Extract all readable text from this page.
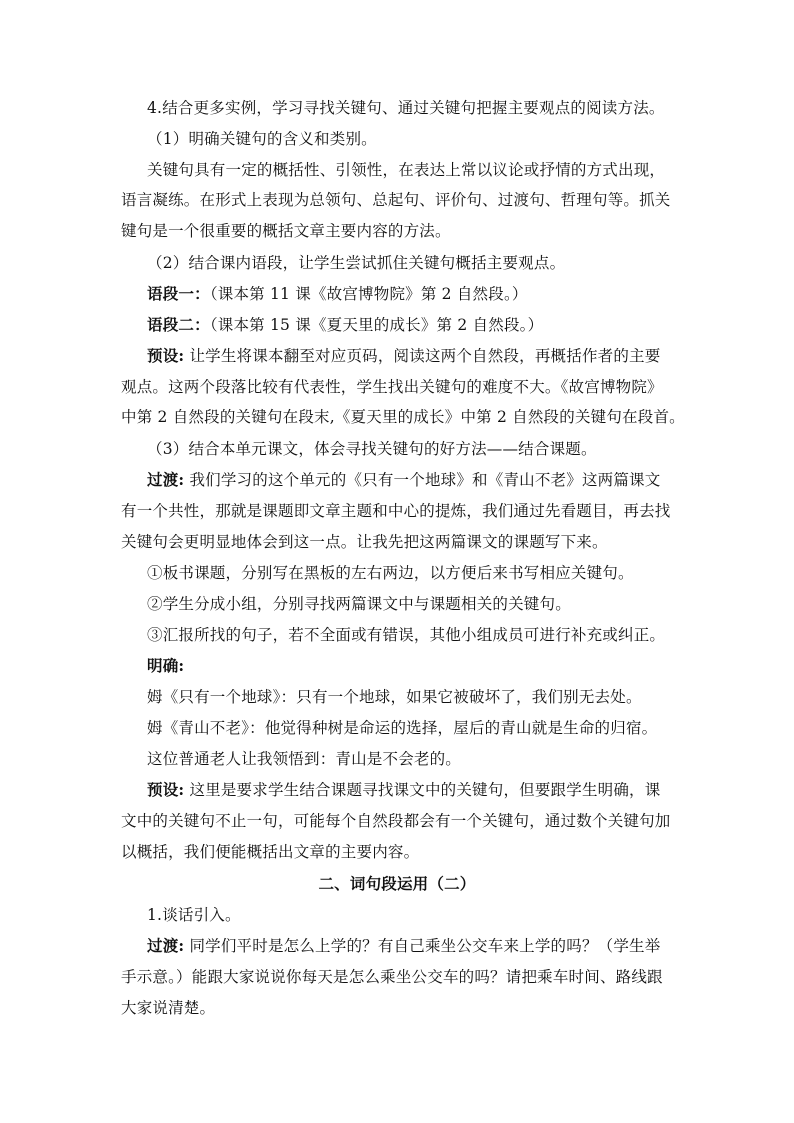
4.结合更多实例，学习寻找关键句、通过关键句把握主要观点的阅读方法。
（1）明确关键句的含义和类别。
关键句具有一定的概括性、引领性，在表达上常以议论或抒情的方式出现，
语言凝练。在形式上表现为总领句、总起句、评价句、过渡句、哲理句等。抓关
键句是一个很重要的概括文章主要内容的方法。
（2）结合课内语段，让学生尝试抓住关键句概括主要观点。
语段一：（课本第 11 课《故宫博物院》第 2 自然段。）
语段二：（课本第 15 课《夏天里的成长》第 2 自然段。）
预设: 让学生将课本翻至对应页码，阅读这两个自然段，再概括作者的主要
观点。这两个段落比较有代表性，学生找出关键句的难度不大。《故宫博物院》
中第 2 自然段的关键句在段末,《夏天里的成长》中第 2 自然段的关键句在段首。
（3）结合本单元课文，体会寻找关键句的好方法——结合课题。
过渡: 我们学习的这个单元的《只有一个地球》和《青山不老》这两篇课文
有一个共性，那就是课题即文章主题和中心的提炼，我们通过先看题目，再去找
关键句会更明显地体会到这一点。让我先把这两篇课文的课题写下来。
①板书课题，分别写在黑板的左右两边，以方便后来书写相应关键句。
②学生分成小组，分别寻找两篇课文中与课题相关的关键句。
③汇报所找的句子，若不全面或有错误，其他小组成员可进行补充或纠正。
明确:
姆《只有一个地球》：只有一个地球，如果它被破坏了，我们别无去处。
姆《青山不老》：他觉得种树是命运的选择，屋后的青山就是生命的归宿。
这位普通老人让我领悟到：青山是不会老的。
预设: 这里是要求学生结合课题寻找课文中的关键句，但要跟学生明确，课
文中的关键句不止一句，可能每个自然段都会有一个关键句，通过数个关键句加
以概括，我们便能概括出文章的主要内容。
二、词句段运用（二）
1.谈话引入。
过渡: 同学们平时是怎么上学的？有自己乘坐公交车来上学的吗？（学生举
手示意。）能跟大家说说你每天是怎么乘坐公交车的吗？请把乘车时间、路线跟
大家说清楚。
